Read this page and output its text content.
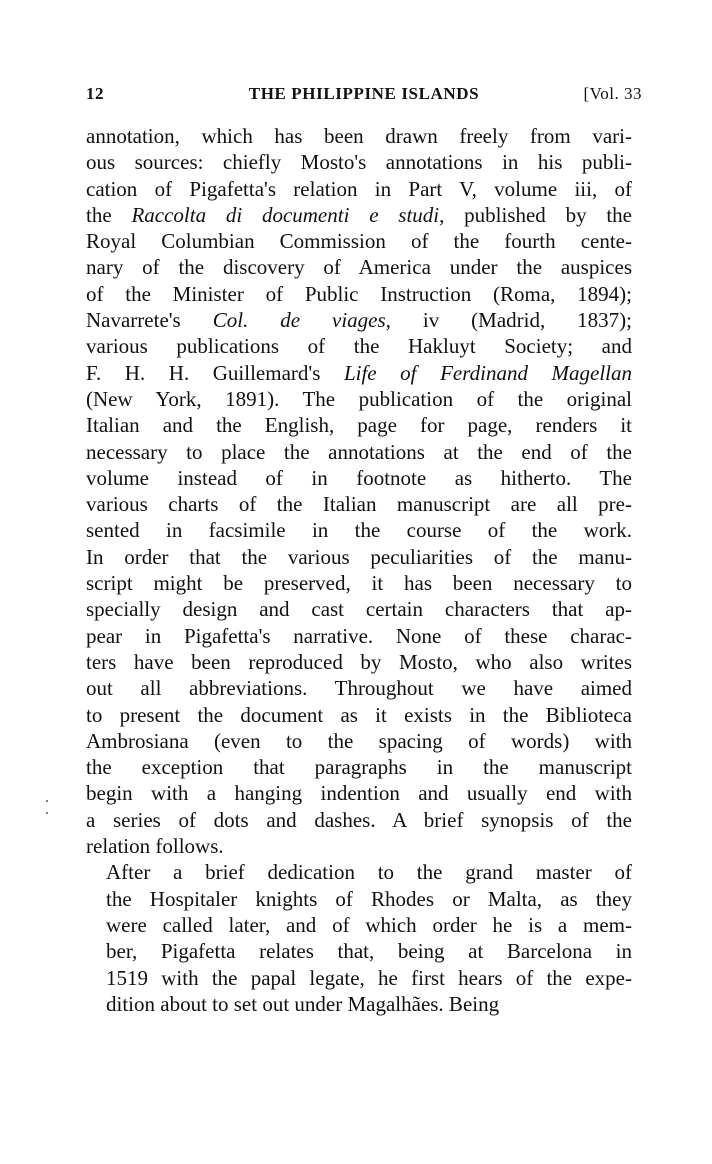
12	THE PHILIPPINE ISLANDS	[Vol. 33

annotation, which has been drawn freely from vari-
ous sources: chiefly Mosto's annotations in his publi-
cation of Pigafetta's relation in Part V, volume iii, of
the Raccolta di documenti e studi, published by the
Royal Columbian Commission of the fourth cente-
nary of the discovery of America under the auspices
of the Minister of Public Instruction (Roma, 1894);
Navarrete's Col. de viages, iv (Madrid, 1837);
various publications of the Hakluyt Society; and
F. H. H. Guillemard's Life of Ferdinand Magellan
(New York, 1891). The publication of the original
Italian and the English, page for page, renders it
necessary to place the annotations at the end of the
volume instead of in footnote as hitherto. The
various charts of the Italian manuscript are all pre-
sented in facsimile in the course of the work.
In order that the various peculiarities of the manu-
script might be preserved, it has been necessary to
specially design and cast certain characters that ap-
pear in Pigafetta's narrative. None of these charac-
ters have been reproduced by Mosto, who also writes
out all abbreviations. Throughout we have aimed
to present the document as it exists in the Biblioteca
Ambrosiana (even to the spacing of words) with
the exception that paragraphs in the manuscript
begin with a hanging indention and usually end with
a series of dots and dashes. A brief synopsis of the
relation follows.

After a brief dedication to the grand master of
the Hospitaler knights of Rhodes or Malta, as they
were called later, and of which order he is a mem-
ber, Pigafetta relates that, being at Barcelona in
1519 with the papal legate, he first hears of the expe-
dition about to set out under Magalhães. Being
